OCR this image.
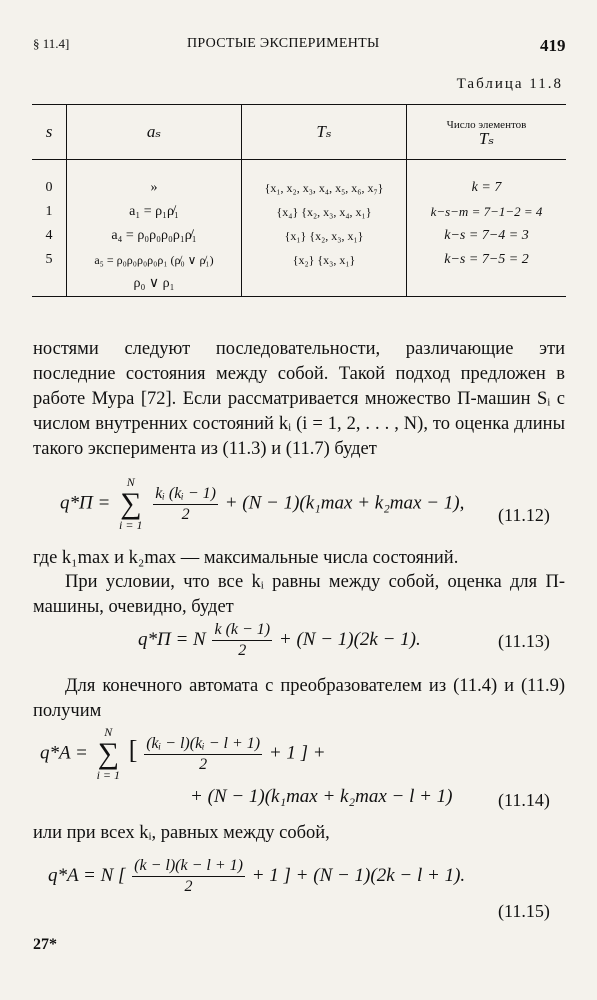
§ 11.4]	ПРОСТЫЕ ЭКСПЕРИМЕНТЫ	419
Таблица 11.8
s	aₛ	Tₛ	Число элементов
Tₛ

0	»	{x₁, x₂, x₃, x₄, x₅, x₆, x₇}	k = 7
1	a₁ = ρ₁ρ̸₁	{x₄} {x₂, x₃, x₄, x₁}	k−s−m = 7−1−2 = 4
4	a₄ = ρ₀ρ₀ρ₀ρ₁ρ̸₁	{x₁} {x₂, x₃, x₁}	k−s = 7−4 = 3
5	a₅ = ρ₀ρ₀ρ₀ρ₀ρ₁ (ρ̸₀ ∨ ρ̸₁)	{x₂} {x₃, x₁}	k−s = 7−5 = 2
	ρ₀ ∨ ρ₁		
ностями следуют последовательности, различающие эти последние состояния между собой. Такой подход предложен в работе Мура [72]. Если рассматривается множество П-машин Sᵢ с числом внутренних состояний kᵢ (i = 1, 2, . . . , N), то оценка длины такого эксперимента из (11.3) и (11.7) будет
q*П =
N
∑
i = 1

$\frac{\text{kᵢ (kᵢ − 1)}}{2} + (N - 1)(k_1\max + k_2\max - 1)$,
(11.12)
где k₁max и k₂max — максимальные числа состояний.
При условии, что все kᵢ равны между собой, оценка для П-машины, очевидно, будет
q*П = N $\frac{k (k - 1)}{2} + (N - 1)(2k - 1)$.	(11.13)
Для конечного автомата с преобразователем из (11.4) и (11.9) получим
q*A =
N
∑
i = 1
[ $\frac{\text{(kᵢ − l)(kᵢ − l + 1)}}{2} + 1$ ] +
+ (N − 1)(k₁max + k₂max − l + 1)	(11.14)
или при всех kᵢ, равных между собой,
q*A = N [ $\frac{(k - l)(k - l + 1)}{2} + 1$ ] + (N − 1)(2k − l + 1).
(11.15)
27*
